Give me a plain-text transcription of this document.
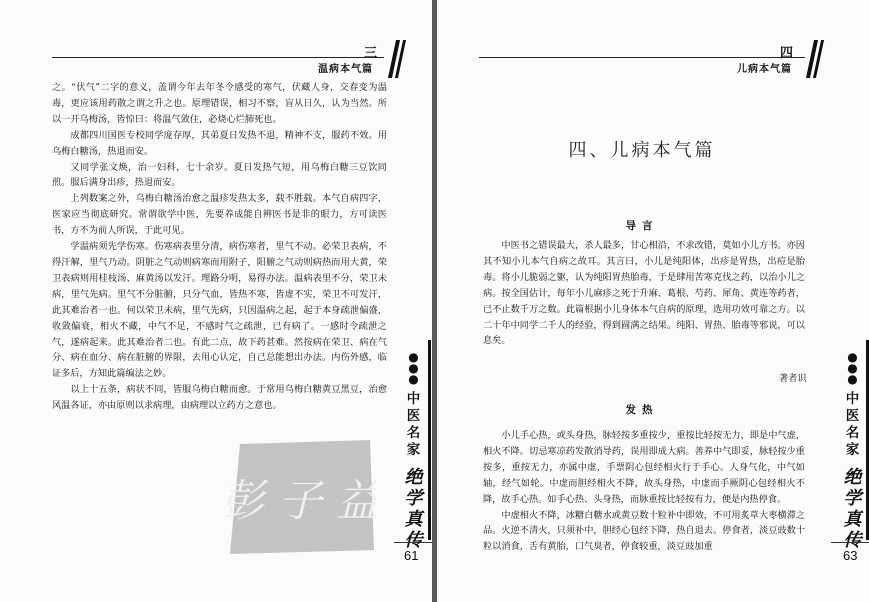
三
温病本气篇

之。“伏气”二字的意义，盖谓今年去年冬令感受的寒气，伏藏人身，交春变为温毒，更应该用药散之谓之升之也。原理错误，相习不察，盲从日久，认为当然。所以一开乌梅汤，皆惊曰：将温气敛住，必烧心烂肺死也。

成都四川国医专校同学庞存厚，其弟夏日发热不退，精神不支，服药不效。用乌梅白糖汤，热退而安。

又同学张文焕，治一妇科，七十余岁。夏日发热气短，用乌梅白糖三豆饮同煎。服后满身出疹，热退而安。

上列数案之外，乌梅白糖汤治愈之温疹发热太多，载不胜载。本气自病四字，医家应当彻底研究。常谓欲学中医，先要养成能自辨医书是非的眼力，方可读医书，方不为前人所误，于此可见。

学温病须先学伤寒。伤寒病表里分清，病伤寒者，里气不动。必荣卫表病，不得汗解，里气乃动。阴脏之气动则病寒而用附子，阳腑之气动则病热而用大黄，荣卫表病则用桂枝汤、麻黄汤以发汗。理路分明，易得办法。温病表里不分，荣卫未病，里气先病。里气不分脏腑，只分气血，皆热不寒，皆虚不实，荣卫不可发汗，此其难治者一也。何以荣卫未病，里气先病，只因温病之起，起于本身疏泄偏盛，收敛偏衰，相火不藏，中气不足，不感时气之疏泄，已有病了。一感时令疏泄之气，遂病起来。此其难治者二也。有此二点，故下药甚难。然按病在荣卫、病在气分、病在血分、病在脏腑的界限，去用心认定，自己总能想出办法。内伤外感，临证多后，方知此篇编法之妙。

以上十五条，病状不同，皆服乌梅白糖而愈。于常用乌梅白糖黄豆黑豆，治愈风温各证，亦由原则以求病理，由病理以立药方之意也。

彭 子 益
●
●
●
中
医
名
家
绝
学
真
传
61
四
儿病本气篇
四、儿病本气篇
导言

中医书之错误最大，杀人最多，甘心相沿，不求改错，莫如小儿方书。亦因其不知小儿本气自病之故耳。其言曰，小儿是纯阳体，出疹是胃热，出痘是胎毒。将小儿脆弱之躯，认为纯阳胃热胎毒，于是肆用苦寒克伐之药，以治小儿之病。按全国估计，每年小儿麻疹之死于升麻、葛根、芍药、犀角、黄连等药者，已不止数千万之数。此篇根据小儿身体本气自病的原理，选用功效可靠之方。以二十年中同学二千人的经验，得到圆满之结果。纯阳、胃热、胎毒等邪说，可以息矣。

著者识
发热

小儿手心热，或头身热，脉轻按多重按少，重按比轻按无力，即是中气虚，相火不降。切忌寒凉药发散消导药，误用即成大病。善养中气即妥，脉轻按少重按多，重按无力，亦属中虚，手票阴心包经相火行于手心。人身气化，中气如轴，经气如轮。中虚而胆经相火不降，故头身热，中虚而手厥阴心包经相火不降，故手心热。如手心热、头身热，而脉重按比轻按有力，便是内热停食。

中虚相火不降，冰糖白糖水或黄豆数十粒补中即效，不可用炙草大枣横滞之品。火逆不清火，只须补中，胆经心包经下降，热自退去。停食者，淡豆豉数十粒以消食，舌有黄胎，口气臭者，停食较重，淡豆豉加重

●
●
●
中
医
名
家
绝
学
真
传
63
